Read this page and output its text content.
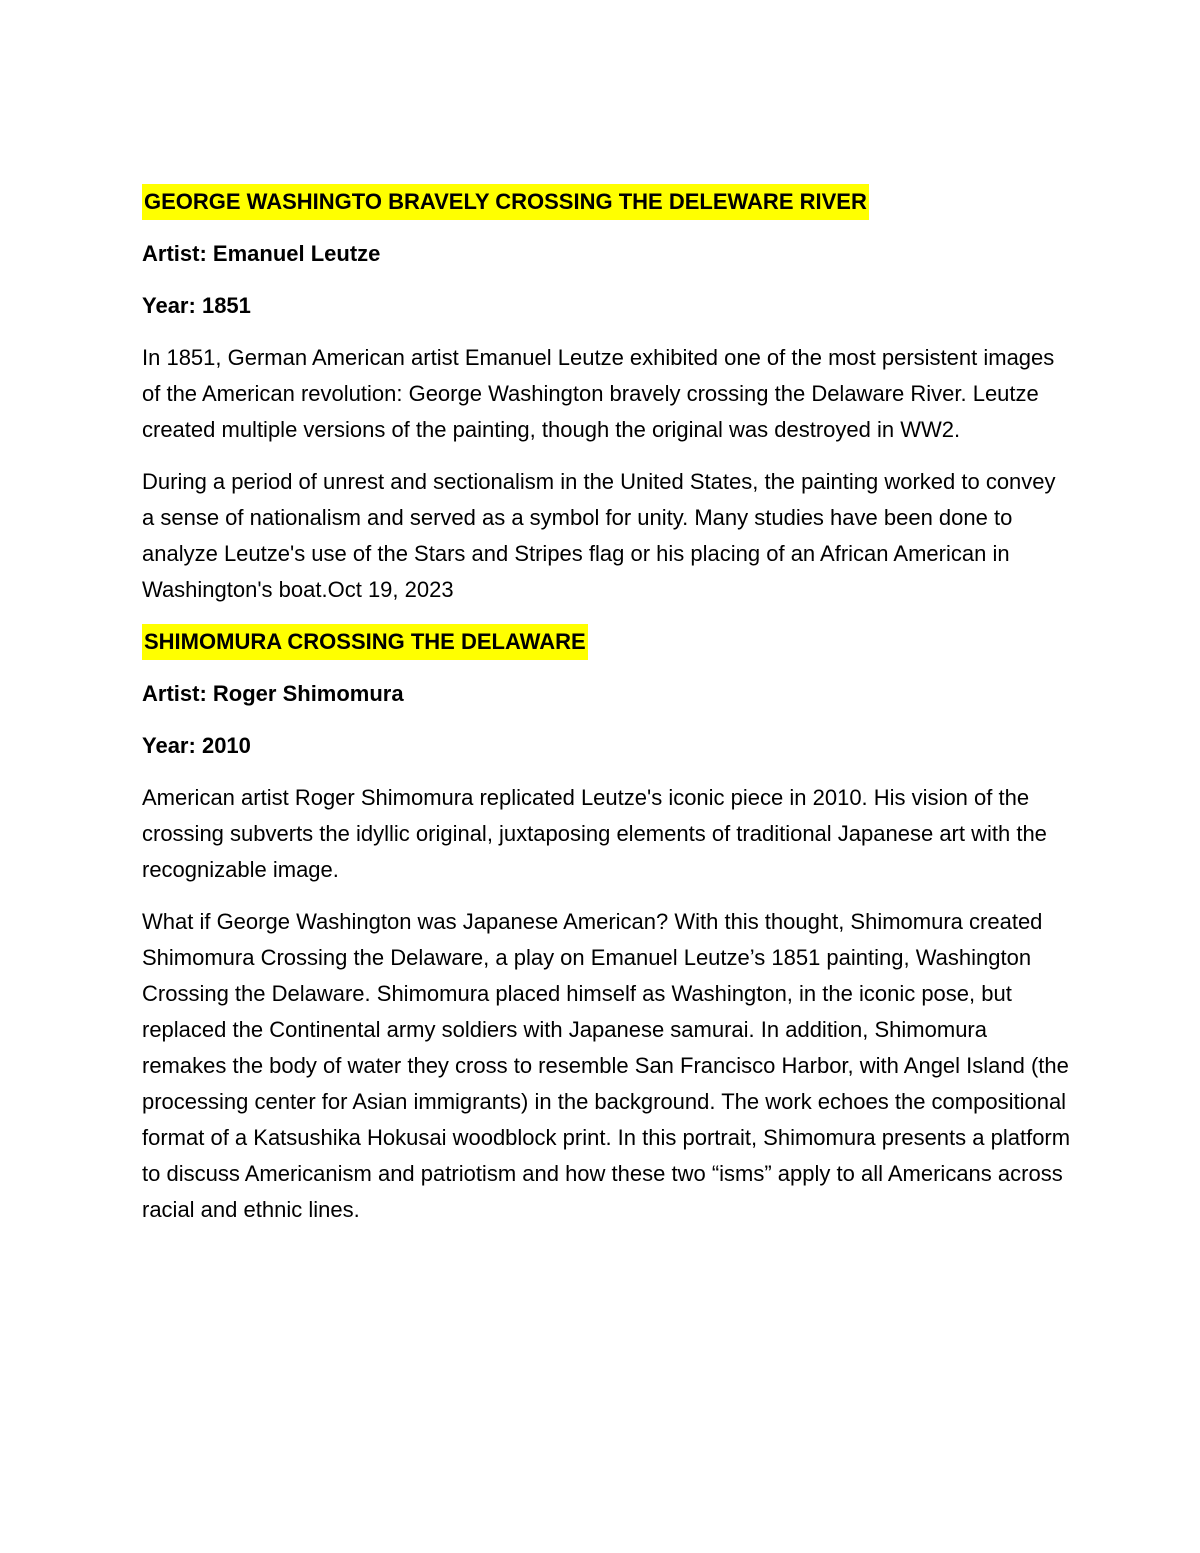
GEORGE WASHINGTO BRAVELY CROSSING THE DELEWARE RIVER
Artist: Emanuel Leutze
Year: 1851

In 1851, German American artist Emanuel Leutze exhibited one of the most persistent images of the American revolution: George Washington bravely crossing the Delaware River. Leutze created multiple versions of the painting, though the original was destroyed in WW2.

During a period of unrest and sectionalism in the United States, the painting worked to convey a sense of nationalism and served as a symbol for unity. Many studies have been done to analyze Leutze's use of the Stars and Stripes flag or his placing of an African American in Washington's boat.Oct 19, 2023

SHIMOMURA CROSSING THE DELAWARE
Artist: Roger Shimomura
Year: 2010

American artist Roger Shimomura replicated Leutze's iconic piece in 2010. His vision of the crossing subverts the idyllic original, juxtaposing elements of traditional Japanese art with the recognizable image.

What if George Washington was Japanese American? With this thought, Shimomura created Shimomura Crossing the Delaware, a play on Emanuel Leutze’s 1851 painting, Washington Crossing the Delaware. Shimomura placed himself as Washington, in the iconic pose, but replaced the Continental army soldiers with Japanese samurai. In addition, Shimomura remakes the body of water they cross to resemble San Francisco Harbor, with Angel Island (the processing center for Asian immigrants) in the background. The work echoes the compositional format of a Katsushika Hokusai woodblock print. In this portrait, Shimomura presents a platform to discuss Americanism and patriotism and how these two “isms” apply to all Americans across racial and ethnic lines.
